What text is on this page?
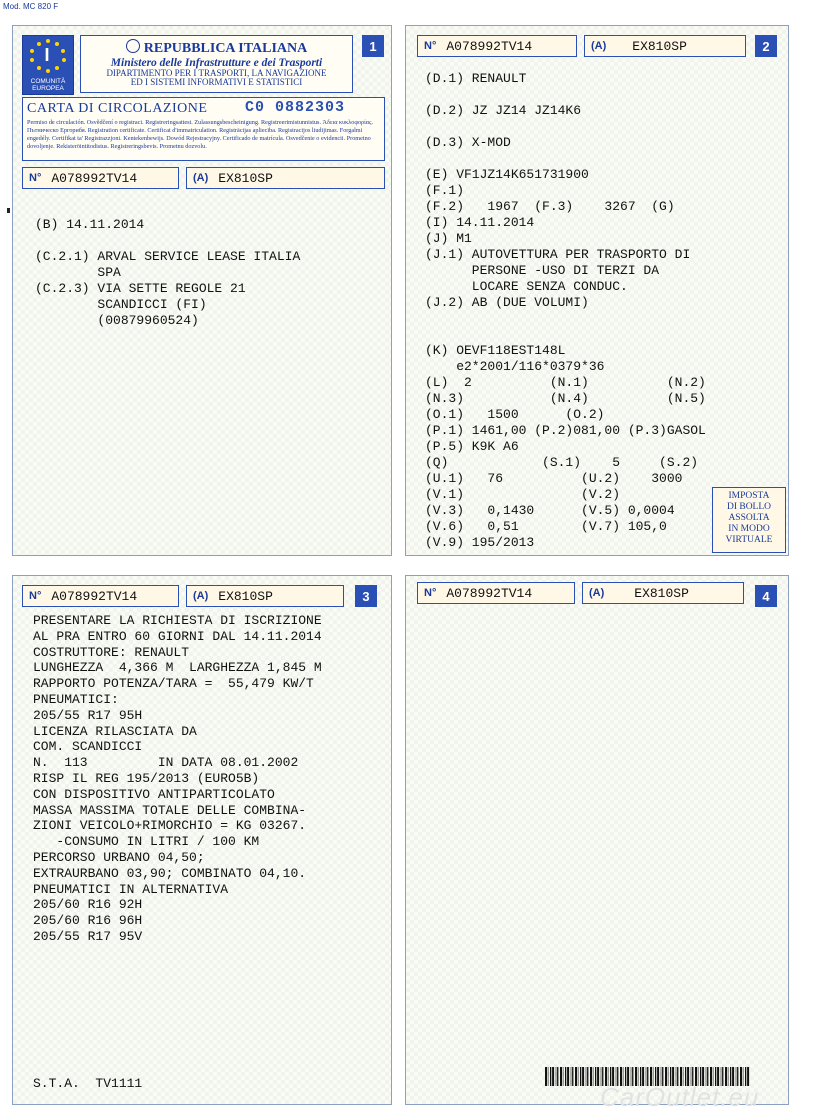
Mod. MC 820 F
I
COMUNITÀ EUROPEA
REPUBBLICA ITALIANA
Ministero delle Infrastrutture e dei Trasporti
DIPARTIMENTO PER I TRASPORTI, LA NAVIGAZIONE
ED I SISTEMI INFORMATIVI E STATISTICI
1
CARTA DI CIRCOLAZIONE	C0 0882303
Permiso de circulación. Osvědčení o registraci. Registreringsattest. Zulassungsbescheinigung. Registreerimistunnistus. Άδεια κυκλοφορίας. Пътническо Ергорибя. Registration certificate. Certificat d'immatriculation. Registrācijas apliecība. Registracijos liudijimas. Forgalmi engedély. Certifikat ta' Registrazzjoni. Kentekenbewijs. Dowód Rejestracyjny. Certificado de matrícula. Osvedčenie o evidencii. Prometno dovoljenje. Rekisteröintitodistus. Registreringsbevis. Prometnu dozvolu.
N° A078992TV14	(A) EX810SP
(B) 14.11.2014

(C.2.1) ARVAL SERVICE LEASE ITALIA
SPA
(C.2.3) VIA SETTE REGOLE 21
SCANDICCI (FI)
(00879960524)
N° A078992TV14	(A)	EX810SP	2
(D.1) RENAULT

(D.2) JZ JZ14 JZ14K6

(D.3) X-MOD

(E) VF1JZ14K651731900
(F.1)
(F.2)   1967  (F.3)    3267  (G)
(I) 14.11.2014
(J) M1
(J.1) AUTOVETTURA PER TRASPORTO DI
PERSONE -USO DI TERZI DA
LOCARE SENZA CONDUC.
(J.2) AB (DUE VOLUMI)

(K) OEVF118EST148L
e2*2001/116*0379*36
(L)  2          (N.1)          (N.2)
(N.3)           (N.4)          (N.5)
(O.1)   1500      (O.2)
(P.1) 1461,00 (P.2)081,00 (P.3)GASOL
(P.5) K9K A6
(Q)            (S.1)    5     (S.2)
(U.1)   76          (U.2)    3000
(V.1)               (V.2)
(V.3)   0,1430      (V.5) 0,0004
(V.6)   0,51        (V.7) 105,0
(V.9) 195/2013
IMPOSTA
DI BOLLO
ASSOLTA
IN MODO
VIRTUALE
N° A078992TV14	(A) EX810SP	3
PRESENTARE LA RICHIESTA DI ISCRIZIONE
AL PRA ENTRO 60 GIORNI DAL 14.11.2014
COSTRUTTORE: RENAULT
LUNGHEZZA  4,366 M  LARGHEZZA 1,845 M
RAPPORTO POTENZA/TARA =  55,479 KW/T
PNEUMATICI:
205/55 R17 95H
LICENZA RILASCIATA DA
COM. SCANDICCI
N.  113         IN DATA 08.01.2002
RISP IL REG 195/2013 (EURO5B)
CON DISPOSITIVO ANTIPARTICOLATO
MASSA MASSIMA TOTALE DELLE COMBINA-
ZIONI VEICOLO+RIMORCHIO = KG 03267.
-CONSUMO IN LITRI / 100 KM
PERCORSO URBANO 04,50;
EXTRAURBANO 03,90; COMBINATO 04,10.
PNEUMATICI IN ALTERNATIVA
205/60 R16 92H
205/60 R16 96H
205/55 R17 95V
S.T.A.  TV1111
N° A078992TV14	(A)	EX810SP	4
CarOutlet.eu
